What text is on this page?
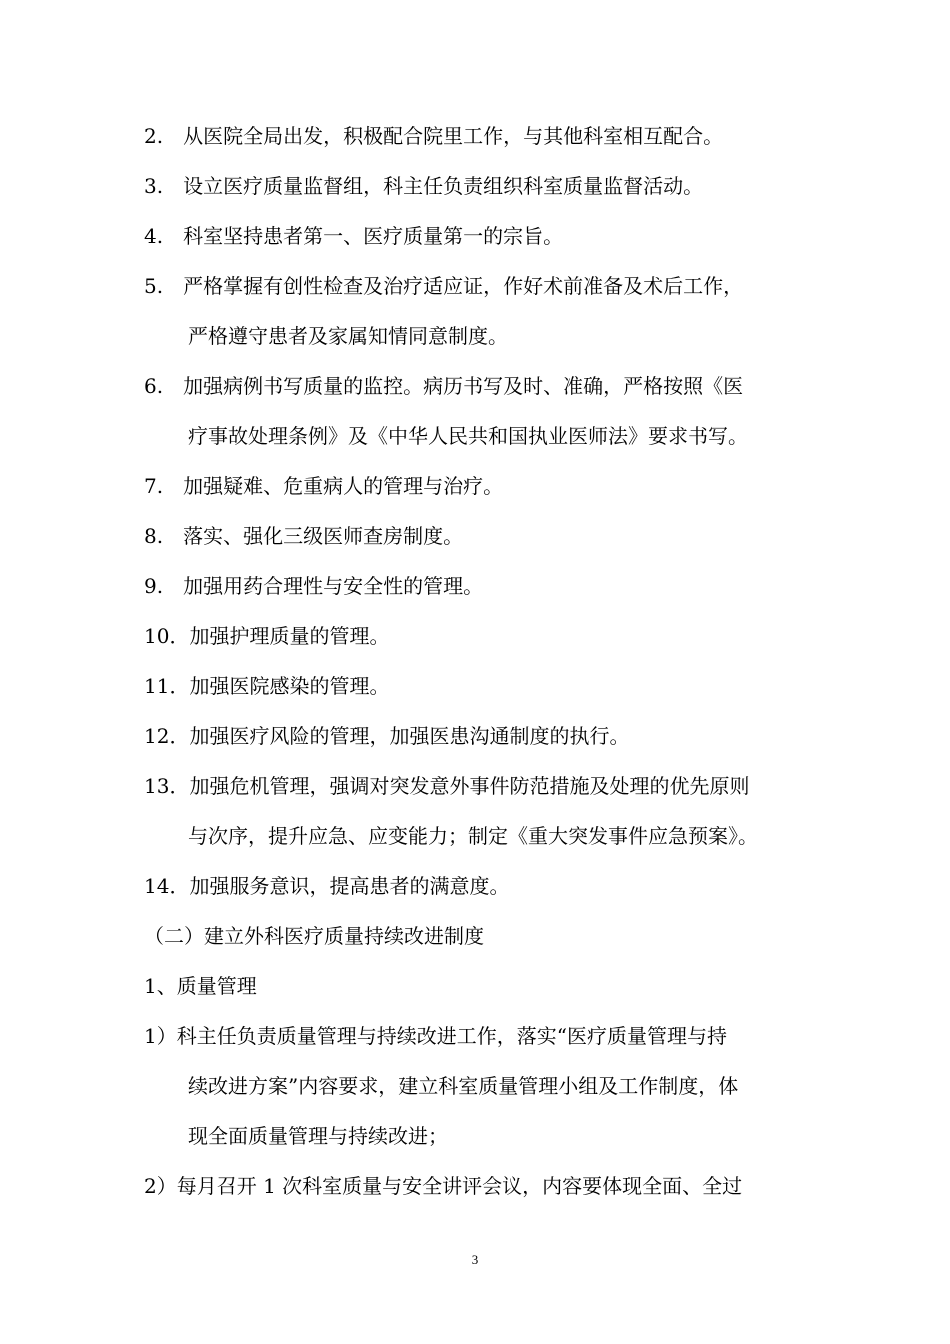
2.　从医院全局出发，积极配合院里工作，与其他科室相互配合。
3.　设立医疗质量监督组，科主任负责组织科室质量监督活动。
4.　科室坚持患者第一、医疗质量第一的宗旨。
5.　严格掌握有创性检查及治疗适应证，作好术前准备及术后工作，
严格遵守患者及家属知情同意制度。
6.　加强病例书写质量的监控。病历书写及时、准确，严格按照《医
疗事故处理条例》及《中华人民共和国执业医师法》要求书写。
7.　加强疑难、危重病人的管理与治疗。
8.　落实、强化三级医师查房制度。
9.　加强用药合理性与安全性的管理。
10．加强护理质量的管理。
11．加强医院感染的管理。
12．加强医疗风险的管理，加强医患沟通制度的执行。
13．加强危机管理，强调对突发意外事件防范措施及处理的优先原则
与次序，提升应急、应变能力；制定《重大突发事件应急预案》。
14．加强服务意识，提高患者的满意度。
（二）建立外科医疗质量持续改进制度
1、质量管理
1）科主任负责质量管理与持续改进工作，落实“医疗质量管理与持
续改进方案”内容要求，建立科室质量管理小组及工作制度，体
现全面质量管理与持续改进；
2）每月召开 1 次科室质量与安全讲评会议，内容要体现全面、全过
3
